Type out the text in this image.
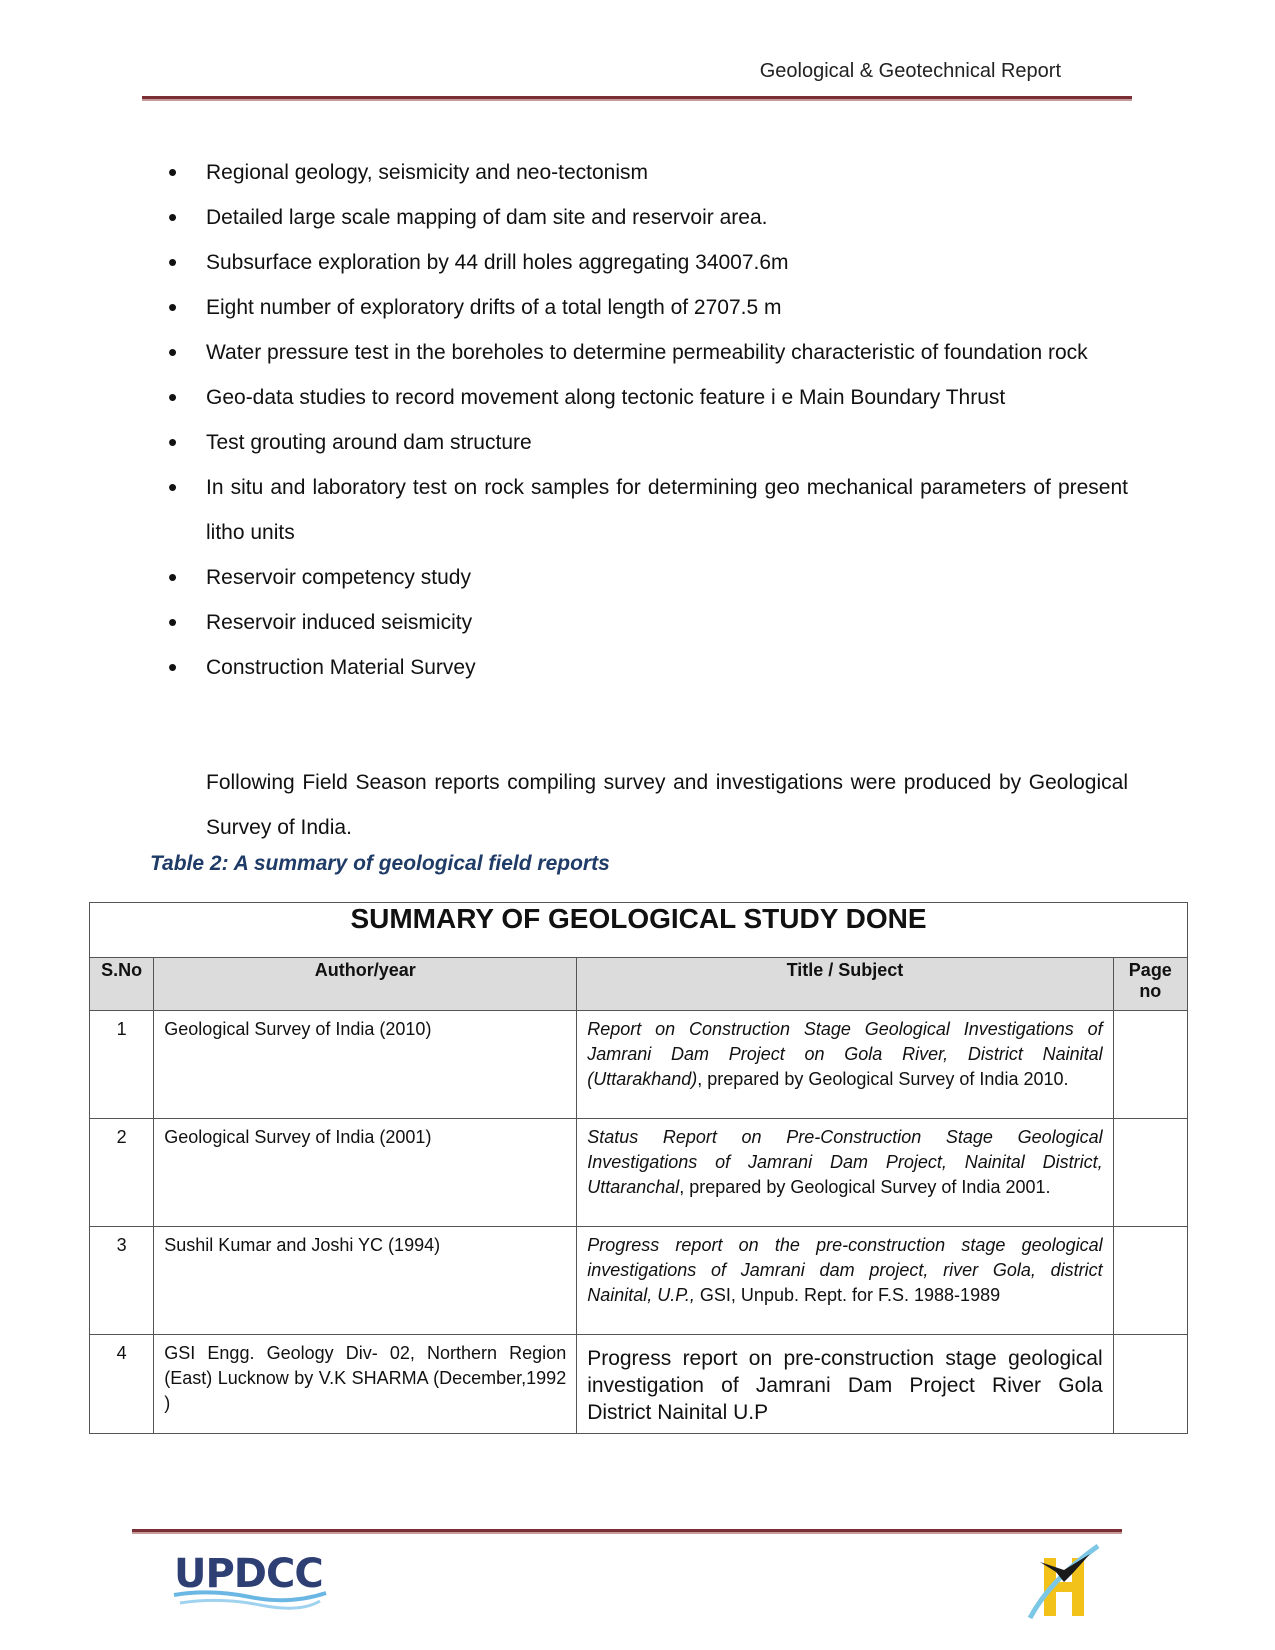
Geological & Geotechnical Report
• Regional geology, seismicity and neo-tectonism
• Detailed large scale mapping of dam site and reservoir area.
• Subsurface exploration by 44 drill holes aggregating 34007.6m
• Eight number of exploratory drifts of a total length of 2707.5 m
• Water pressure test in the boreholes to determine permeability characteristic of foundation rock
• Geo-data studies to record movement along tectonic feature i e Main Boundary Thrust
• Test grouting around dam structure
• In situ and laboratory test on rock samples for determining geo mechanical parameters of present litho units
• Reservoir competency study
• Reservoir induced seismicity
• Construction Material Survey
Following Field Season reports compiling survey and investigations were produced by Geological Survey of India.
Table 2: A summary of geological field reports
SUMMARY OF GEOLOGICAL STUDY DONE			
S.No	Author/year	Title / Subject	Page no
1	Geological Survey of India (2010)	Report on Construction Stage Geological Investigations of Jamrani Dam Project on Gola River, District Nainital (Uttarakhand), prepared by Geological Survey of India 2010.	
2	Geological Survey of India (2001)	Status Report on Pre-Construction Stage Geological Investigations of Jamrani Dam Project, Nainital District, Uttaranchal, prepared by Geological Survey of India 2001.	
3	Sushil Kumar and Joshi YC (1994)	Progress report on the pre-construction stage geological investigations of Jamrani dam project, river Gola, district Nainital, U.P., GSI, Unpub. Rept. for F.S. 1988-1989	
4	GSI Engg. Geology Div- 02, Northern Region (East) Lucknow by V.K SHARMA (December,1992 )	Progress report on pre-construction stage geological investigation of Jamrani Dam Project River Gola District Nainital U.P	
UPDCC
